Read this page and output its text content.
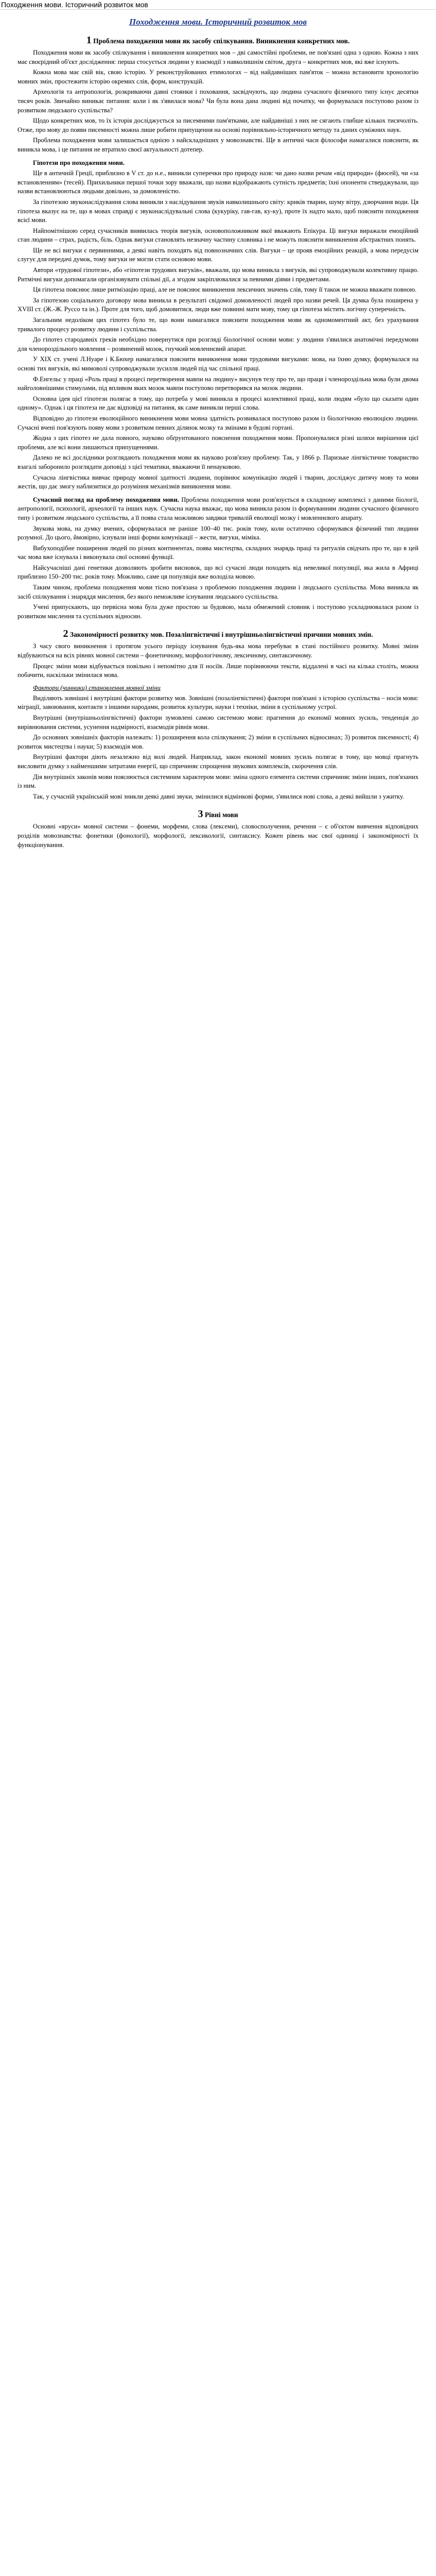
Походження мови. Історичний розвиток мов
Походження мови. Історичний розвиток мов
1 Проблема походження мови як засобу спілкування. Виникнення конкретних мов.

Походження мови як засобу спілкування і виникнення конкретних мов – дві самостійні проблеми, не пов'язані одна з одною. Кожна з них має своєрідний об'єкт дослідження: перша стосується людини у взаємодії з навколишнім світом, друга – конкретних мов, які вже існують.

Кожна мова має свій вік, свою історію. У реконструйованих етимологах – від найдавніших пам'яток – можна встановити хронологію мовних змін, простежити історію окремих слів, форм, конструкцій.

Археологія та антропологія, розкриваючи давні стоянки і поховання, засвідчують, що людина сучасного фізичного типу існує десятки тисяч років. Звичайно виникає питання: коли і як з'явилася мова? Чи була вона дана людині від початку, чи формувалася поступово разом із розвитком людського суспільства?

Щодо конкретних мов, то їх історія досліджується за писемними пам'ятками, але найдавніші з них не сягають глибше кількох тисячоліть. Отже, про мову до появи писемності можна лише робити припущення на основі порівняльно-історичного методу та даних суміжних наук.

Проблема походження мови залишається однією з найскладніших у мовознавстві. Ще в античні часи філософи намагалися пояснити, як виникла мова, і це питання не втратило своєї актуальності дотепер.

Гіпотези про походження мови.

Ще в античній Греції, приблизно в V ст. до н.е., виникли суперечки про природу назв: чи дано назви речам «від природи» (фюсей), чи «за встановленням» (тесей). Прихильники першої точки зору вважали, що назви відображають сутність предметів; їхні опоненти стверджували, що назви встановлюються людьми довільно, за домовленістю.

За гіпотезою звуконаслідування слова виникли з наслідування звуків навколишнього світу: криків тварин, шуму вітру, дзюрчання води. Ця гіпотеза вказує на те, що в мовах справді є звуконаслідувальні слова (кукуріку, гав-гав, ку-ку), проте їх надто мало, щоб пояснити походження всієї мови.

Найпомітнішою серед сучасників виявилась теорія вигуків, основоположником якої вважають Епікура. Ці вигуки виражали емоційний стан людини – страх, радість, біль. Однак вигуки становлять незначну частину словника і не можуть пояснити виникнення абстрактних понять.

Ще не всі вигуки є первинними, а деякі навіть походять від повнозначних слів. Вигуки – це прояв емоційних реакцій, а мова передусім слугує для передачі думок, тому вигуки не могли стати основою мови.

Автори «трудової гіпотези», або «гіпотези трудових вигуків», вважали, що мова виникла з вигуків, які супроводжували колективну працю. Ритмічні вигуки допомагали організовувати спільні дії, а згодом закріплювалися за певними діями і предметами.

Ця гіпотеза пояснює лише ритмізацію праці, але не пояснює виникнення лексичних значень слів, тому її також не можна вважати повною.

За гіпотезою соціального договору мова виникла в результаті свідомої домовленості людей про назви речей. Ця думка була поширена у XVIII ст. (Ж.-Ж. Руссо та ін.). Проте для того, щоб домовитися, люди вже повинні мати мову, тому ця гіпотеза містить логічну суперечність.

Загальним недоліком цих гіпотез було те, що вони намагалися пояснити походження мови як одномоментний акт, без урахування тривалого процесу розвитку людини і суспільства.

До гіпотез стародавніх греків необхідно повернутися при розгляді біологічної основи мови: у людини з'явилися анатомічні передумови для членороздільного мовлення – розвинений мозок, гнучкий мовленнєвий апарат.

У XIX ст. учені Л.Нуаре і К.Бюхер намагалися пояснити виникнення мови трудовими вигуками: мова, на їхню думку, формувалася на основі тих вигуків, які мимоволі супроводжували зусилля людей під час спільної праці.

Ф.Енгельс у праці «Роль праці в процесі перетворення мавпи на людину» висунув тезу про те, що праця і членороздільна мова були двома найголовнішими стимулами, під впливом яких мозок мавпи поступово перетворився на мозок людини.

Основна ідея цієї гіпотези полягає в тому, що потреба у мові виникла в процесі колективної праці, коли людям «було що сказати один одному». Однак і ця гіпотеза не дає відповіді на питання, як саме виникли перші слова.

Відповідно до гіпотези еволюційного виникнення мови мовна здатність розвивалася поступово разом із біологічною еволюцією людини. Сучасні вчені пов'язують появу мови з розвитком певних ділянок мозку та змінами в будові гортані.

Жодна з цих гіпотез не дала повного, науково обґрунтованого пояснення походження мови. Пропонувалися різні шляхи вирішення цієї проблеми, але всі вони лишаються припущеннями.

Далеко не всі дослідники розглядають походження мови як науково розв'язну проблему. Так, у 1866 р. Паризьке лінгвістичне товариство взагалі заборонило розглядати доповіді з цієї тематики, вважаючи її ненауковою.

Сучасна лінгвістика вивчає природу мовної здатності людини, порівнює комунікацію людей і тварин, досліджує дитячу мову та мови жестів, що дає змогу наблизитися до розуміння механізмів виникнення мови.

Сучасний погляд на проблему походження мови. Проблема походження мови розв'язується в складному комплексі з даними біології, антропології, психології, археології та інших наук. Сучасна наука вважає, що мова виникла разом із формуванням людини сучасного фізичного типу і розвитком людського суспільства, а її поява стала можливою завдяки тривалій еволюції мозку і мовленнєвого апарату.

Звукова мова, на думку вчених, сформувалася не раніше 100–40 тис. років тому, коли остаточно сформувався фізичний тип людини розумної. До цього, ймовірно, існували інші форми комунікації – жести, вигуки, міміка.

Вибухоподібне поширення людей по різних континентах, поява мистецтва, складних знарядь праці та ритуалів свідчать про те, що в цей час мова вже існувала і виконувала свої основні функції.

Найсучасніші дані генетики дозволяють зробити висновок, що всі сучасні люди походять від невеликої популяції, яка жила в Африці приблизно 150–200 тис. років тому. Можливо, саме ця популяція вже володіла мовою.

Таким чином, проблема походження мови тісно пов'язана з проблемою походження людини і людського суспільства. Мова виникла як засіб спілкування і знаряддя мислення, без якого неможливе існування людського суспільства.

Учені припускають, що первісна мова була дуже простою за будовою, мала обмежений словник і поступово ускладнювалася разом із розвитком мислення та суспільних відносин.

2 Закономірності розвитку мов. Позалінгвістичні і внутрішньолінгвістичні причини мовних змін.

З часу свого виникнення і протягом усього періоду існування будь-яка мова перебуває в стані постійного розвитку. Мовні зміни відбуваються на всіх рівнях мовної системи – фонетичному, морфологічному, лексичному, синтаксичному.

Процес зміни мови відбувається повільно і непомітно для її носіїв. Лише порівнюючи тексти, віддалені в часі на кілька століть, можна побачити, наскільки змінилася мова.

Фактори (чинники) становлення мовної зміни

Виділяють зовнішні і внутрішні фактори розвитку мов. Зовнішні (позалінгвістичні) фактори пов'язані з історією суспільства – носія мови: міграції, завоювання, контакти з іншими народами, розвиток культури, науки і техніки, зміни в суспільному устрої.

Внутрішні (внутрішньолінгвістичні) фактори зумовлені самою системою мови: прагнення до економії мовних зусиль, тенденція до вирівнювання системи, усунення надмірності, взаємодія рівнів мови.

До основних зовнішніх факторів належать: 1) розширення кола спілкування; 2) зміни в суспільних відносинах; 3) розвиток писемності; 4) розвиток мистецтва і науки; 5) взаємодія мов.

Внутрішні фактори діють незалежно від волі людей. Наприклад, закон економії мовних зусиль полягає в тому, що мовці прагнуть висловити думку з найменшими затратами енергії, що спричиняє спрощення звукових комплексів, скорочення слів.

Дія внутрішніх законів мови пояснюється системним характером мови: зміна одного елемента системи спричиняє зміни інших, пов'язаних із ним.

Так, у сучасній українській мові зникли деякі давні звуки, змінилися відмінкові форми, з'явилися нові слова, а деякі вийшли з ужитку.

3 Рівні мови

Основні «яруси» мовної системи – фонеми, морфеми, слова (лексеми), словосполучення, речення – є об'єктом вивчення відповідних розділів мовознавства: фонетики (фонології), морфології, лексикології, синтаксису. Кожен рівень має свої одиниці і закономірності їх функціонування.
